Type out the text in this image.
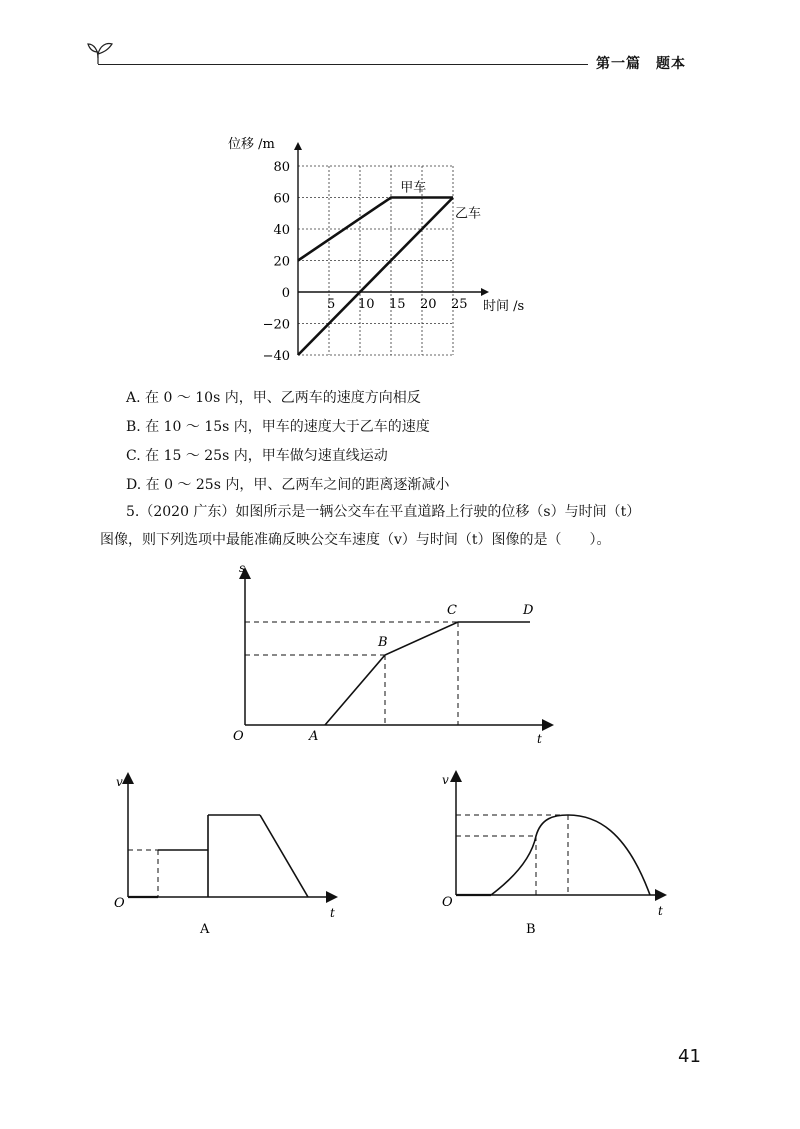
第一篇　题本
80
60
40
20
0
−20
−40
5 10 15 20 25
位移 /m
时间 /s
甲车
乙车
A. 在 0 ～ 10s 内，甲、乙两车的速度方向相反
B. 在 10 ～ 15s 内，甲车的速度大于乙车的速度
C. 在 15 ～ 25s 内，甲车做匀速直线运动
D. 在 0 ～ 25s 内，甲、乙两车之间的距离逐渐减小
5.（2020 广东）如图所示是一辆公交车在平直道路上行驶的位移（s）与时间（t）
图像，则下列选项中最能准确反映公交车速度（v）与时间（t）图像的是（　　）。
s
t
O	A
B
C	D
v
t
O
A
v
t
O
B
41
